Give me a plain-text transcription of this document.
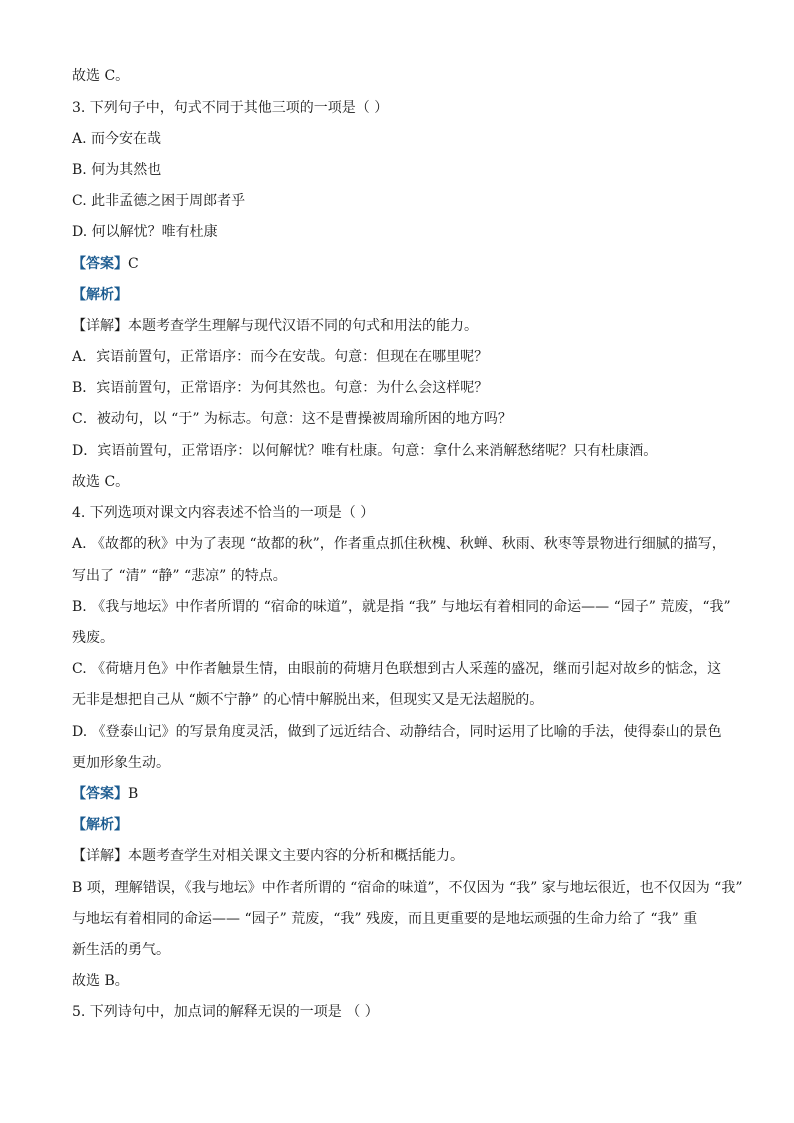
故选 C。
3. 下列句子中，句式不同于其他三项的一项是（ ）
A. 而今安在哉
B. 何为其然也
C. 此非孟德之困于周郎者乎
D. 何以解忧？唯有杜康
【答案】C
【解析】
【详解】本题考查学生理解与现代汉语不同的句式和用法的能力。
A．宾语前置句，正常语序：而今在安哉。句意：但现在在哪里呢？
B．宾语前置句，正常语序：为何其然也。句意：为什么会这样呢？
C．被动句，以 “于” 为标志。句意：这不是曹操被周瑜所困的地方吗？
D．宾语前置句，正常语序：以何解忧？唯有杜康。句意：拿什么来消解愁绪呢？只有杜康酒。
故选 C。
4. 下列选项对课文内容表述不恰当的一项是（ ）
A. 《故都的秋》中为了表现 “故都的秋”，作者重点抓住秋槐、秋蝉、秋雨、秋枣等景物进行细腻的描写，
写出了 “清” “静” “悲凉” 的特点。
B. 《我与地坛》中作者所谓的 “宿命的味道”，就是指 “我” 与地坛有着相同的命运—— “园子” 荒废，“我”
残废。
C. 《荷塘月色》中作者触景生情，由眼前的荷塘月色联想到古人采莲的盛况，继而引起对故乡的惦念，这
无非是想把自己从 “颇不宁静” 的心情中解脱出来，但现实又是无法超脱的。
D. 《登泰山记》的写景角度灵活，做到了远近结合、动静结合，同时运用了比喻的手法，使得泰山的景色
更加形象生动。
【答案】B
【解析】
【详解】本题考查学生对相关课文主要内容的分析和概括能力。
B 项，理解错误，《我与地坛》中作者所谓的 “宿命的味道”，不仅因为 “我” 家与地坛很近，也不仅因为 “我”
与地坛有着相同的命运—— “园子” 荒废，“我” 残废，而且更重要的是地坛顽强的生命力给了 “我” 重
新生活的勇气。
故选 B。
5. 下列诗句中，加点词的解释无误的一项是 （ ）
